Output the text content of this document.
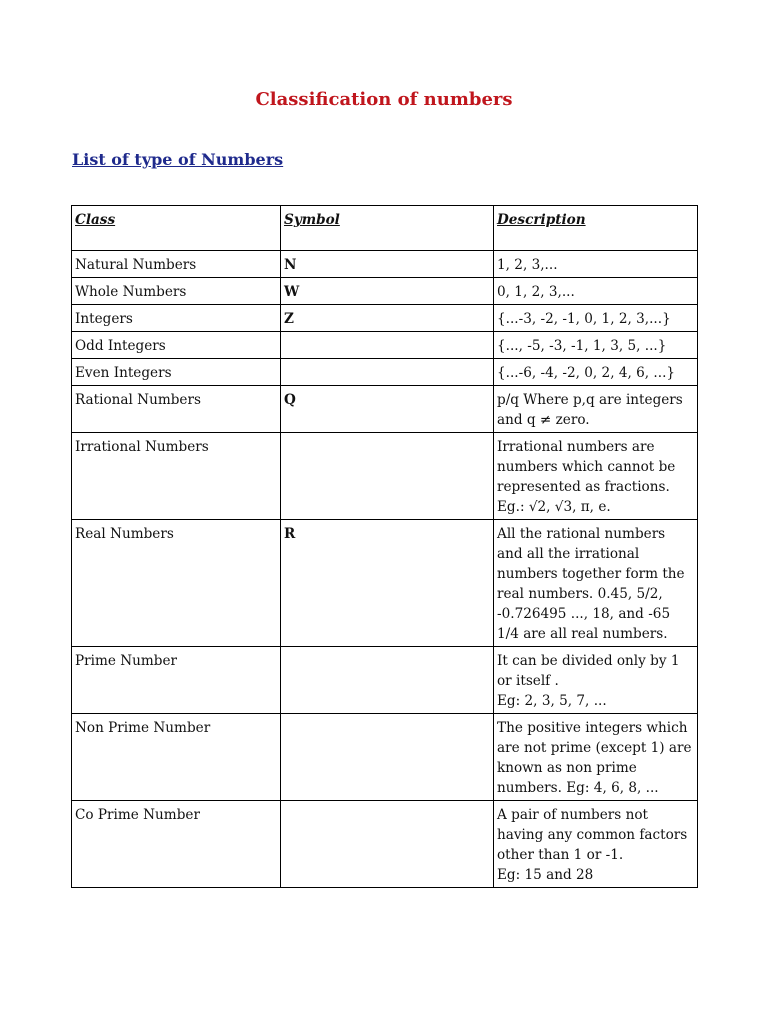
Classification of numbers
List of type of Numbers
Class	Symbol	Description
Natural Numbers	N	1, 2, 3,...
Whole Numbers	W	0, 1, 2, 3,...
Integers	Z	{...-3, -2, -1, 0, 1, 2, 3,...}
Odd Integers		{..., -5, -3, -1, 1, 3, 5, ...}
Even Integers		{...-6, -4, -2, 0, 2, 4, 6, ...}
Rational Numbers	Q	p/q Where p,q are integers and q ≠ zero.
Irrational Numbers		Irrational numbers are numbers which cannot be represented as fractions. Eg.: √2, √3, π, e.
Real Numbers	R	All the rational numbers and all the irrational numbers together form the real numbers. 0.45, 5/2, -0.726495 ..., 18, and -65 1/4 are all real numbers.
Prime Number		It can be divided only by 1 or itself .
Eg: 2, 3, 5, 7, ...
Non Prime Number		The positive integers which are not prime (except 1) are known as non prime numbers. Eg: 4, 6, 8, ...
Co Prime Number		A pair of numbers not having any common factors other than 1 or -1.
Eg: 15 and 28
